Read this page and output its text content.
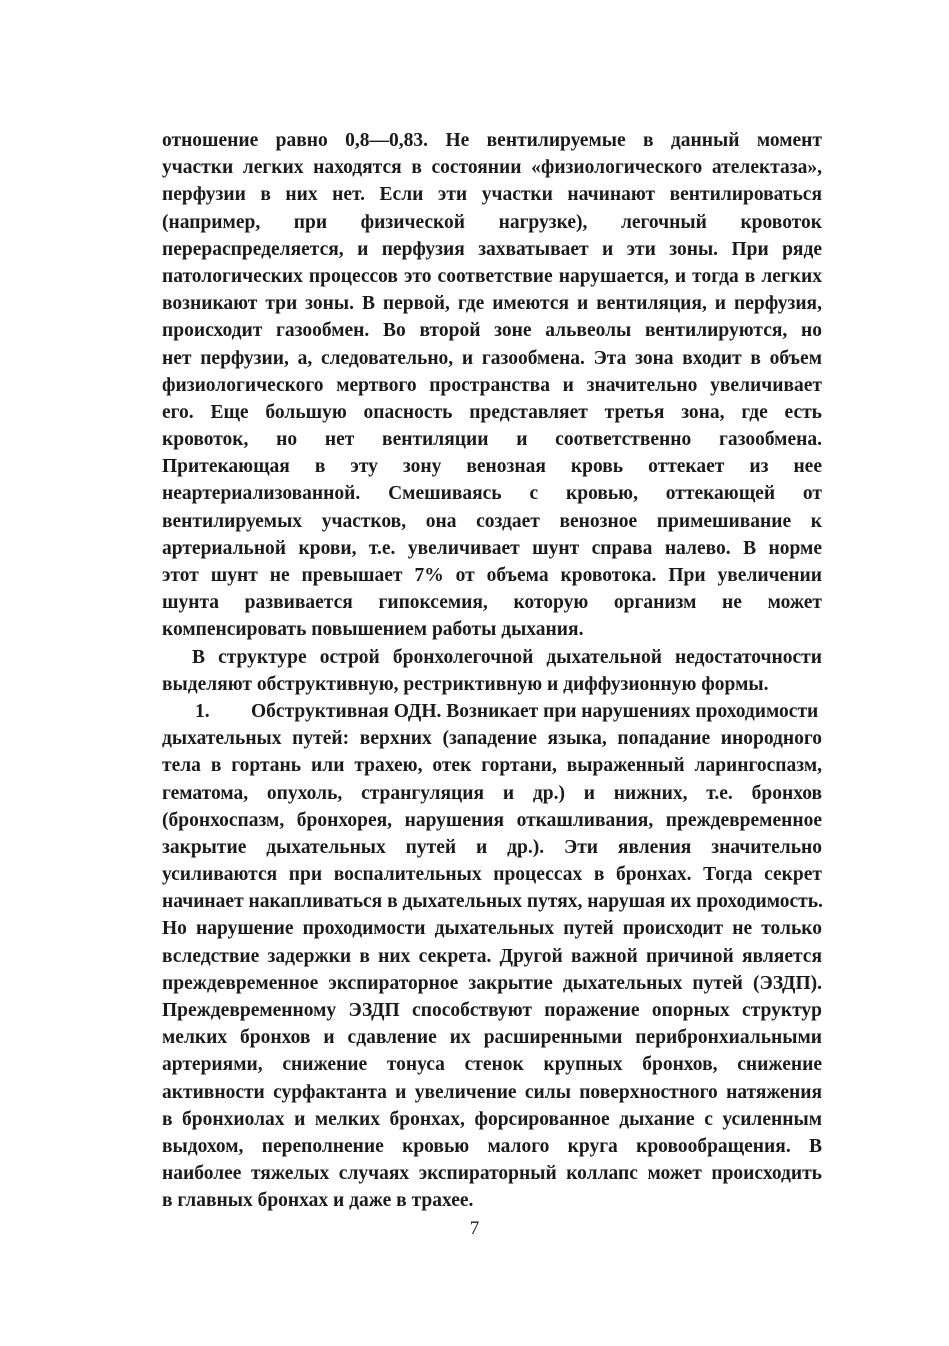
отношение равно 0,8—0,83. Не вентилируемые в данный момент
участки легких находятся в состоянии «физиологического ателектаза»,
перфузии в них нет. Если эти участки начинают вентилироваться
(например, при физической нагрузке), легочный кровоток
перераспределяется, и перфузия захватывает и эти зоны. При ряде
патологических процессов это соответствие нарушается, и тогда в легких
возникают три зоны. В первой, где имеются и вентиляция, и перфузия,
происходит газообмен. Во второй зоне альвеолы вентилируются, но
нет перфузии, а, следовательно, и газообмена. Эта зона входит в объем
физиологического мертвого пространства и значительно увеличивает
его. Еще большую опасность представляет третья зона, где есть
кровоток, но нет вентиляции и соответственно газообмена.
Притекающая в эту зону венозная кровь оттекает из нее
неартериализованной. Смешиваясь с кровью, оттекающей от
вентилируемых участков, она создает венозное примешивание к
артериальной крови, т.е. увеличивает шунт справа налево. В норме
этот шунт не превышает 7% от объема кровотока. При увеличении
шунта развивается гипоксемия, которую организм не может
компенсировать повышением работы дыхания.
В структуре острой бронхолегочной дыхательной недостаточности
выделяют обструктивную, рестриктивную и диффузионную формы.
1. Обструктивная ОДН. Возникает при нарушениях проходимости
дыхательных путей: верхних (западение языка, попадание инородного
тела в гортань или трахею, отек гортани, выраженный ларингоспазм,
гематома, опухоль, странгуляция и др.) и нижних, т.е. бронхов
(бронхоспазм, бронхорея, нарушения откашливания, преждевременное
закрытие дыхательных путей и др.). Эти явления значительно
усиливаются при воспалительных процессах в бронхах. Тогда секрет
начинает накапливаться в дыхательных путях, нарушая их проходимость.
Но нарушение проходимости дыхательных путей происходит не только
вследствие задержки в них секрета. Другой важной причиной является
преждевременное экспираторное закрытие дыхательных путей (ЭЗДП).
Преждевременному ЭЗДП способствуют поражение опорных структур
мелких бронхов и сдавление их расширенными перибронхиальными
артериями, снижение тонуса стенок крупных бронхов, снижение
активности сурфактанта и увеличение силы поверхностного натяжения
в бронхиолах и мелких бронхах, форсированное дыхание с усиленным
выдохом, переполнение кровью малого круга кровообращения. В
наиболее тяжелых случаях экспираторный коллапс может происходить
в главных бронхах и даже в трахее.
7
